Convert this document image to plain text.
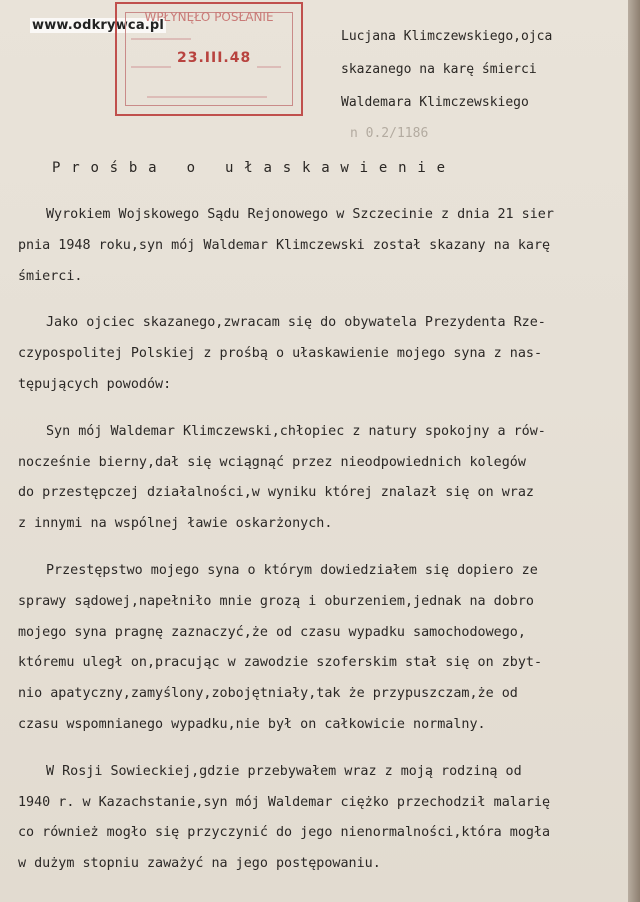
www.odkrywca.pl
WPŁYNĘŁO POSŁANIE
23.III.48
n 0.2/1186
Lucjana Klimczewskiego,ojca
skazanego na karę śmierci
Waldemara Klimczewskiego
Prośba o ułaskawienie
Wyrokiem Wojskowego Sądu Rejonowego w Szczecinie z dnia 21 sier
pnia 1948 roku,syn mój Waldemar Klimczewski został skazany na karę
śmierci.
Jako ojciec skazanego,zwracam się do obywatela Prezydenta Rze-
czypospolitej Polskiej z prośbą o ułaskawienie mojego syna z nas-
tępujących powodów:
Syn mój Waldemar Klimczewski,chłopiec z natury spokojny a rów-
nocześnie bierny,dał się wciągnąć przez nieodpowiednich kolegów
do przestępczej działalności,w wyniku której znalazł się on wraz
z innymi na wspólnej ławie oskarżonych.
Przestępstwo mojego syna o którym dowiedziałem się dopiero ze
sprawy sądowej,napełniło mnie grozą i oburzeniem,jednak na dobro
mojego syna pragnę zaznaczyć,że od czasu wypadku samochodowego,
któremu uległ on,pracując w zawodzie szoferskim stał się on zbyt-
nio apatyczny,zamyślony,zobojętniały,tak że przypuszczam,że od
czasu wspomnianego wypadku,nie był on całkowicie normalny.
W Rosji Sowieckiej,gdzie przebywałem wraz z moją rodziną od
1940 r. w Kazachstanie,syn mój Waldemar ciężko przechodził malarię
co również mogło się przyczynić do jego nienormalności,która mogła
w dużym stopniu zaważyć na jego postępowaniu.
